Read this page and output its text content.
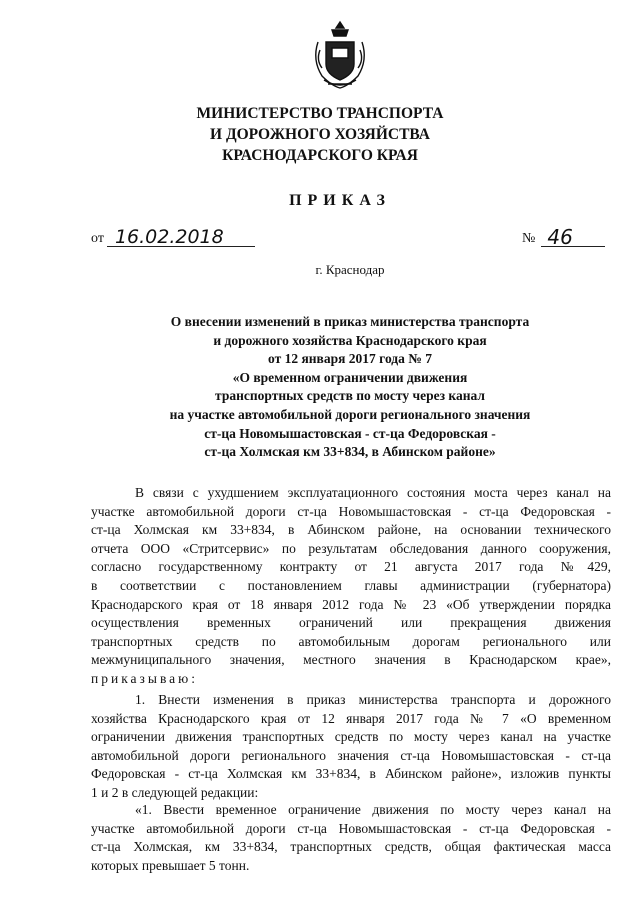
МИНИСТЕРСТВО ТРАНСПОРТА
И ДОРОЖНОГО ХОЗЯЙСТВА
КРАСНОДАРСКОГО КРАЯ
ПРИКАЗ
от 16.02.2018	№ 46
г. Краснодар
О внесении изменений в приказ министерства транспорта
и дорожного хозяйства Краснодарского края
от 12 января 2017 года № 7
«О временном ограничении движения
транспортных средств по мосту через канал
на участке автомобильной дороги регионального значения
ст-ца Новомышастовская - ст-ца Федоровская -
ст-ца Холмская км 33+834, в Абинском районе»
В связи с ухудшением эксплуатационного состояния моста через канал на
участке автомобильной дороги ст-ца Новомышастовская - ст-ца Федоровская -
ст-ца Холмская км 33+834, в Абинском районе, на основании технического
отчета ООО «Стритсервис» по результатам обследования данного сооружения,
согласно государственному контракту от 21 августа 2017 года №429,
в соответствии с постановлением главы администрации (губернатора)
Краснодарского края от 18 января 2012 года № 23 «Об утверждении порядка
осуществления временных ограничений или прекращения движения
транспортных средств по автомобильным дорогам регионального или
межмуниципального значения, местного значения в Краснодарском крае»,
приказываю:
1. Внести изменения в приказ министерства транспорта и дорожного
хозяйства Краснодарского края от 12 января 2017 года № 7 «О временном
ограничении движения транспортных средств по мосту через канал на участке
автомобильной дороги регионального значения ст-ца Новомышастовская - ст-ца
Федоровская - ст-ца Холмская км 33+834, в Абинском районе», изложив пункты
1 и 2 в следующей редакции:
«1. Ввести временное ограничение движения по мосту через канал на
участке автомобильной дороги ст-ца Новомышастовская - ст-ца Федоровская -
ст-ца Холмская, км 33+834, транспортных средств, общая фактическая масса
которых превышает 5 тонн.
